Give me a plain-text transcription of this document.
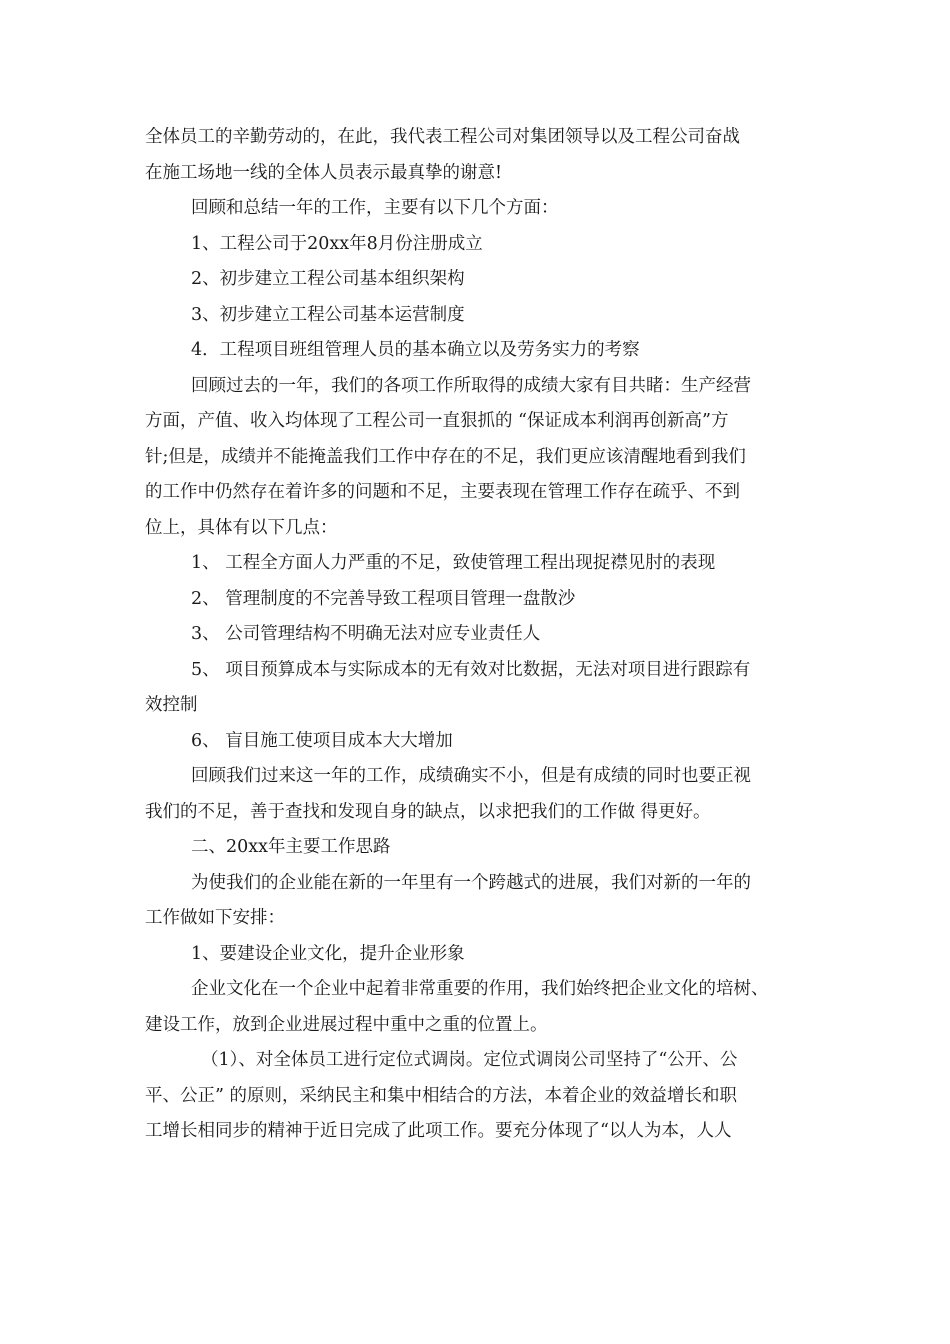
全体员工的辛勤劳动的，在此，我代表工程公司对集团领导以及工程公司奋战
在施工场地一线的全体人员表示最真挚的谢意!
回顾和总结一年的工作，主要有以下几个方面：
1、工程公司于20xx年8月份注册成立
2、初步建立工程公司基本组织架构
3、初步建立工程公司基本运营制度
4．工程项目班组管理人员的基本确立以及劳务实力的考察
回顾过去的一年，我们的各项工作所取得的成绩大家有目共睹：生产经营
方面，产值、收入均体现了工程公司一直狠抓的 “保证成本利润再创新高”方
针;但是，成绩并不能掩盖我们工作中存在的不足，我们更应该清醒地看到我们
的工作中仍然存在着许多的问题和不足，主要表现在管理工作存在疏乎、不到
位上，具体有以下几点：
1、 工程全方面人力严重的不足，致使管理工程出现捉襟见肘的表现
2、 管理制度的不完善导致工程项目管理一盘散沙
3、 公司管理结构不明确无法对应专业责任人
5、 项目预算成本与实际成本的无有效对比数据，无法对项目进行跟踪有
效控制
6、 盲目施工使项目成本大大增加
回顾我们过来这一年的工作，成绩确实不小，但是有成绩的同时也要正视
我们的不足，善于查找和发现自身的缺点，以求把我们的工作做 得更好。
二、20xx年主要工作思路
为使我们的企业能在新的一年里有一个跨越式的进展，我们对新的一年的
工作做如下安排：
1、要建设企业文化，提升企业形象
企业文化在一个企业中起着非常重要的作用，我们始终把企业文化的培树、
建设工作，放到企业进展过程中重中之重的位置上。
（1）、对全体员工进行定位式调岗。定位式调岗公司坚持了“公开、公
平、公正” 的原则，采纳民主和集中相结合的方法，本着企业的效益增长和职
工增长相同步的精神于近日完成了此项工作。要充分体现了“以人为本，人人
